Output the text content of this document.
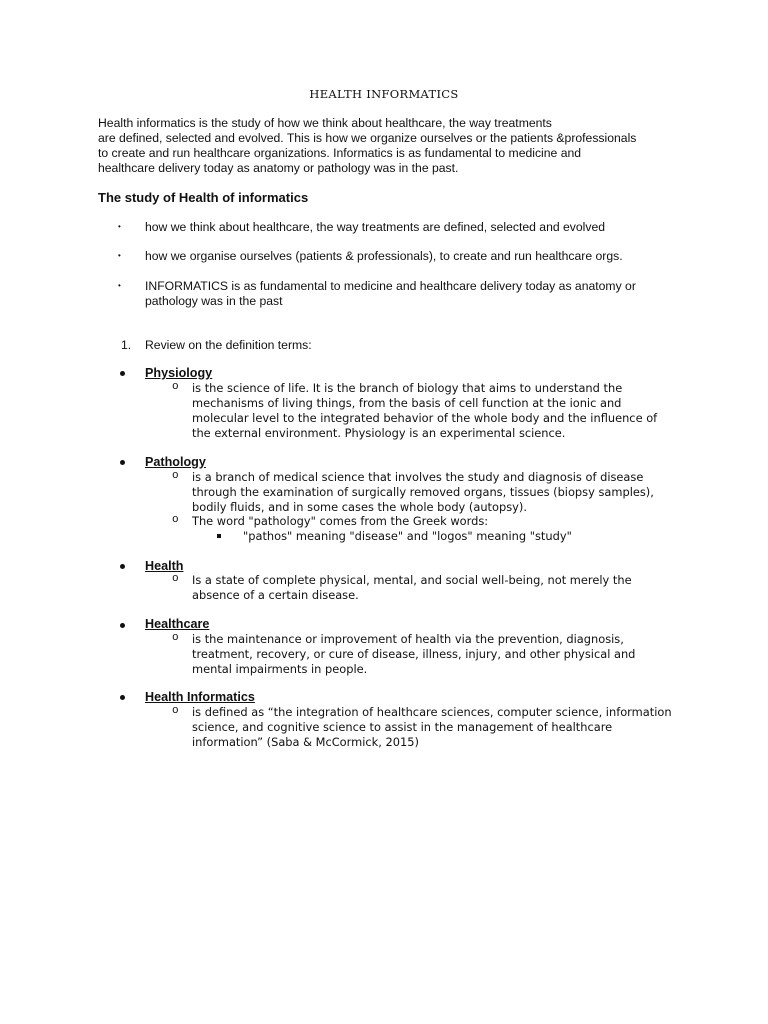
HEALTH INFORMATICS
Health informatics is the study of how we think about healthcare, the way treatments
are defined, selected and evolved. This is how we organize ourselves or the patients &professionals
to create and run healthcare organizations. Informatics is as fundamental to medicine and
healthcare delivery today as anatomy or pathology was in the past.
The study of Health of informatics
• how we think about healthcare, the way treatments are defined, selected and evolved
• how we organise ourselves (patients & professionals), to create and run healthcare orgs.
• INFORMATICS is as fundamental to medicine and healthcare delivery today as anatomy or
pathology was in the past
1. Review on the definition terms:
Physiology
o is the science of life. It is the branch of biology that aims to understand the
mechanisms of living things, from the basis of cell function at the ionic and
molecular level to the integrated behavior of the whole body and the influence of
the external environment. Physiology is an experimental science.
Pathology
o is a branch of medical science that involves the study and diagnosis of disease
through the examination of surgically removed organs, tissues (biopsy samples),
bodily fluids, and in some cases the whole body (autopsy).
o The word "pathology" comes from the Greek words:
"pathos" meaning "disease" and "logos" meaning "study"
Health
o Is a state of complete physical, mental, and social well-being, not merely the
absence of a certain disease.
Healthcare
o is the maintenance or improvement of health via the prevention, diagnosis,
treatment, recovery, or cure of disease, illness, injury, and other physical and
mental impairments in people.
Health Informatics
o is defined as “the integration of healthcare sciences, computer science, information
science, and cognitive science to assist in the management of healthcare
information” (Saba & McCormick, 2015)
